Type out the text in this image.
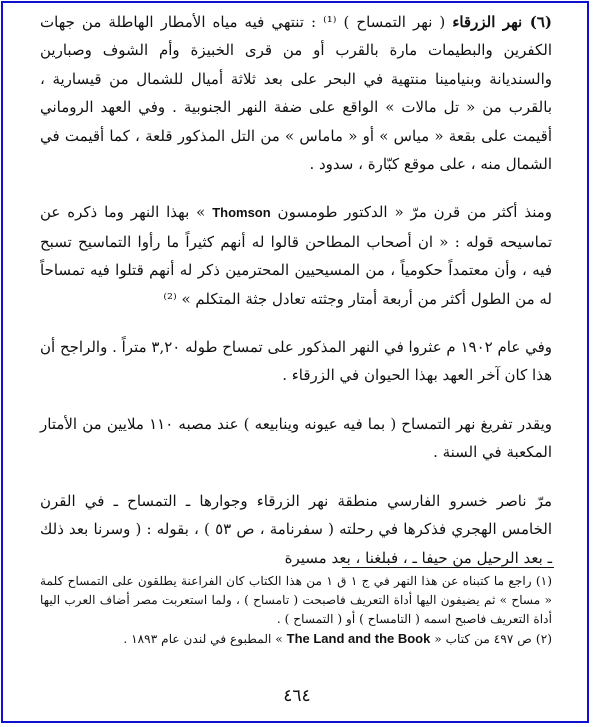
(٦) نهر الزرقاء ( نهر التمساح ) ⁽¹⁾ : تنتهي فيه مياه الأمطار الهاطلة من جهات الكفرين والبطيمات مارة بالقرب أو من قرى الخبيزة وأم الشوف وصبارين والسنديانة وبنيامينا منتهية في البحر على بعد ثلاثة أميال للشمال من قيسارية ، بالقرب من « تل مالات » الواقع على ضفة النهر الجنوبية . وفي العهد الروماني أقيمت على بقعة « مياس » أو « ماماس » من التل المذكور قلعة ، كما أقيمت في الشمال منه ، على موقع كبّارة ، سدود .

ومنذ أكثر من قرن مرّ « الدكتور طومسون Thomson » بهذا النهر وما ذكره عن تماسيحه قوله : « ان أصحاب المطاحن قالوا له أنهم كثيراً ما رأوا التماسيح تسبح فيه ، وأن معتمداً حكومياً ، من المسيحيين المحترمين ذكر له أنهم قتلوا فيه تمساحاً له من الطول أكثر من أربعة أمتار وجثته تعادل جثة المتكلم » ⁽²⁾

وفي عام ١٩٠٢ م عثروا في النهر المذكور على تمساح طوله ٣,٢٠ متراً . والراجح أن هذا كان آخر العهد بهذا الحيوان في الزرقاء .

ويقدر تفريغ نهر التمساح ( بما فيه عيونه وينابيعه ) عند مصبه ١١٠ ملايين من الأمتار المكعبة في السنة .

مرّ ناصر خسرو الفارسي منطقة نهر الزرقاء وجوارها ـ التمساح ـ في القرن الخامس الهجري فذكرها في رحلته ( سفرنامة ، ص ٥٣ ) ، بقوله : ( وسرنا بعد ذلك ـ بعد الرحيل من حيفا ـ ، فبلغنا ، بعد مسيرة

(١) راجع ما كتبناه عن هذا النهر في ج ١ ق ١ من هذا الكتاب كان الفراعنة يطلقون على التمساح كلمة « مساح » ثم يضيفون اليها أداة التعريف فاصبحت ( تامساح ) ، ولما استعربت مصر أضاف العرب اليها أداة التعريف فاصبح اسمه ( التامساح ) أو ( التمساح ) .

(٢) ص ٤٩٧ من كتاب « The Land and the Book » المطبوع في لندن عام ١٨٩٣ .

٤٦٤
